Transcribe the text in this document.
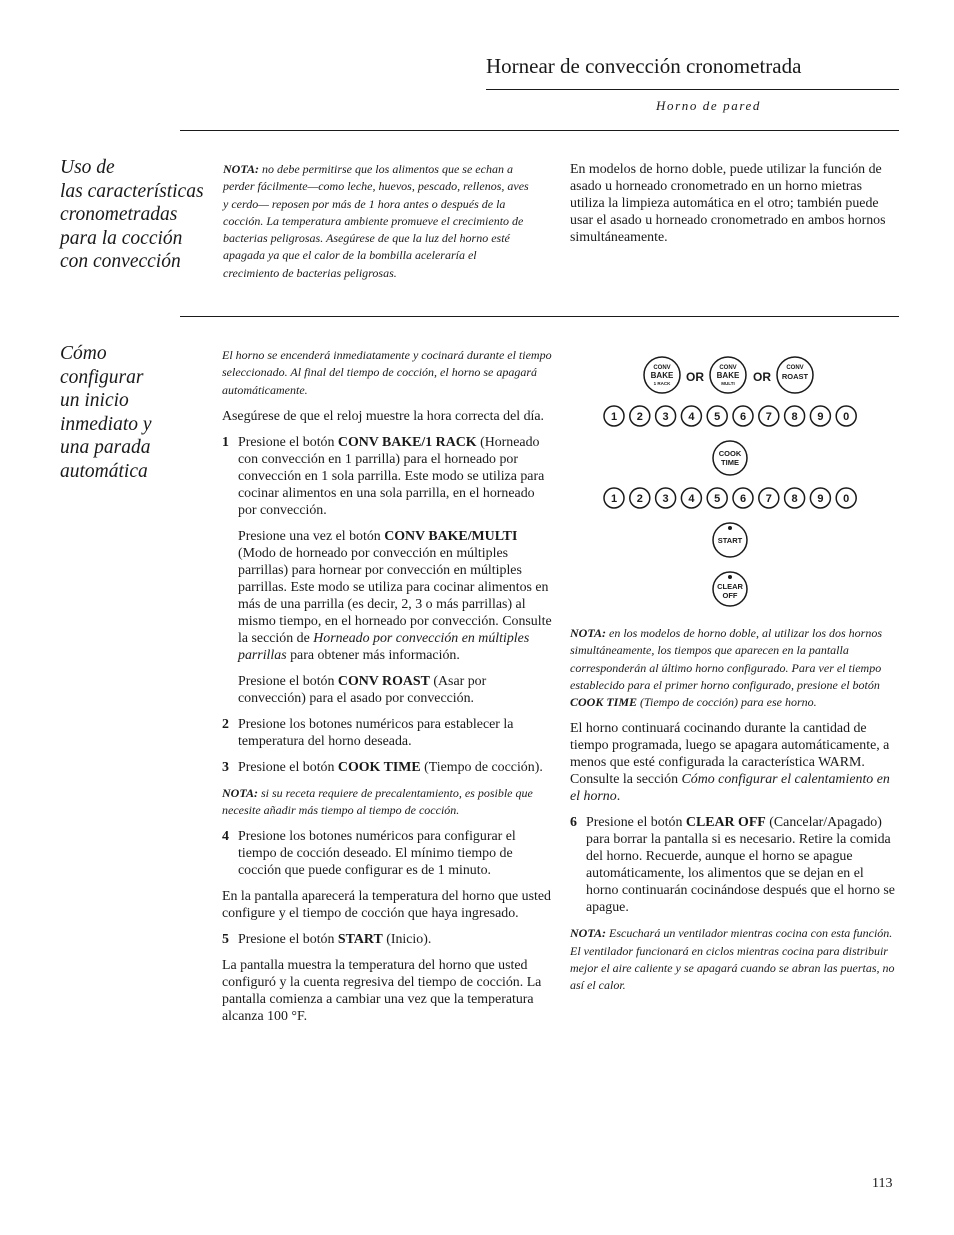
Hornear de convección cronometrada
Horno de pared
Uso de
las características
cronometradas
para la cocción
con convección
NOTA: no debe permitirse que los alimentos que se echan a perder fácilmente—como leche, huevos, pescado, rellenos, aves y cerdo— reposen por más de 1 hora antes o después de la cocción. La temperatura ambiente promueve el crecimiento de bacterias peligrosas. Asegúrese de que la luz del horno esté apagada ya que el calor de la bombilla aceleraría el crecimiento de bacterias peligrosas.
En modelos de horno doble, puede utilizar la función de asado u horneado cronometrado en un horno mietras utiliza la limpieza automática en el otro; también puede usar el asado u horneado cronometrado en ambos hornos simultáneamente.
Cómo
configurar
un inicio
inmediato y
una parada
automática

El horno se encenderá inmediatamente y cocinará durante el tiempo seleccionado. Al final del tiempo de cocción, el horno se apagará automáticamente.

Asegúrese de que el reloj muestre la hora correcta del día.

1 Presione el botón CONV BAKE/1 RACK (Horneado con convección en 1 parrilla) para el horneado por convección en 1 sola parrilla. Este modo se utiliza para cocinar alimentos en una sola parrilla, en el horneado por convección.

Presione una vez el botón CONV BAKE/MULTI (Modo de horneado por convección en múltiples parrillas) para hornear por convección en múltiples parrillas. Este modo se utiliza para cocinar alimentos en más de una parrilla (es decir, 2, 3 o más parrillas) al mismo tiempo, en el horneado por convección. Consulte la sección de Horneado por convección en múltiples parrillas para obtener más información.

Presione el botón CONV ROAST (Asar por convección) para el asado por convección.

2 Presione los botones numéricos para establecer la temperatura del horno deseada.
3 Presione el botón COOK TIME (Tiempo de cocción).

NOTA: si su receta requiere de precalentamiento, es posible que necesite añadir más tiempo al tiempo de cocción.

4 Presione los botones numéricos para configurar el tiempo de cocción deseado. El mínimo tiempo de cocción que puede configurar es de 1 minuto.

En la pantalla aparecerá la temperatura del horno que usted configure y el tiempo de cocción que haya ingresado.

5 Presione el botón START (Inicio).

La pantalla muestra la temperatura del horno que usted configuró y la cuenta regresiva del tiempo de cocción. La pantalla comienza a cambiar una vez que la temperatura alcanza 100 °F.

CONV
BAKE
1 RACK
CONV
BAKE
MULTI
CONV
ROAST
OR	OR
1 2 3 4 5 6 7 8 9 0
1 2 3 4 5 6 7 8 9 0
COOK
TIME
START
CLEAR
OFF

NOTA: en los modelos de horno doble, al utilizar los dos hornos simultáneamente, los tiempos que aparecen en la pantalla corresponderán al último horno configurado. Para ver el tiempo establecido para el primer horno configurado, presione el botón COOK TIME (Tiempo de cocción) para ese horno.

El horno continuará cocinando durante la cantidad de tiempo programada, luego se apagara automáticamente, a menos que esté configurada la característica WARM. Consulte la sección Cómo configurar el calentamiento en el horno.

6 Presione el botón CLEAR OFF (Cancelar/Apagado) para borrar la pantalla si es necesario. Retire la comida del horno. Recuerde, aunque el horno se apague automáticamente, los alimentos que se dejan en el horno continuarán cocinándose después que el horno se apague.

NOTA: Escuchará un ventilador mientras cocina con esta función. El ventilador funcionará en ciclos mientras cocina para distribuir mejor el aire caliente y se apagará cuando se abran las puertas, no así el calor.

113
